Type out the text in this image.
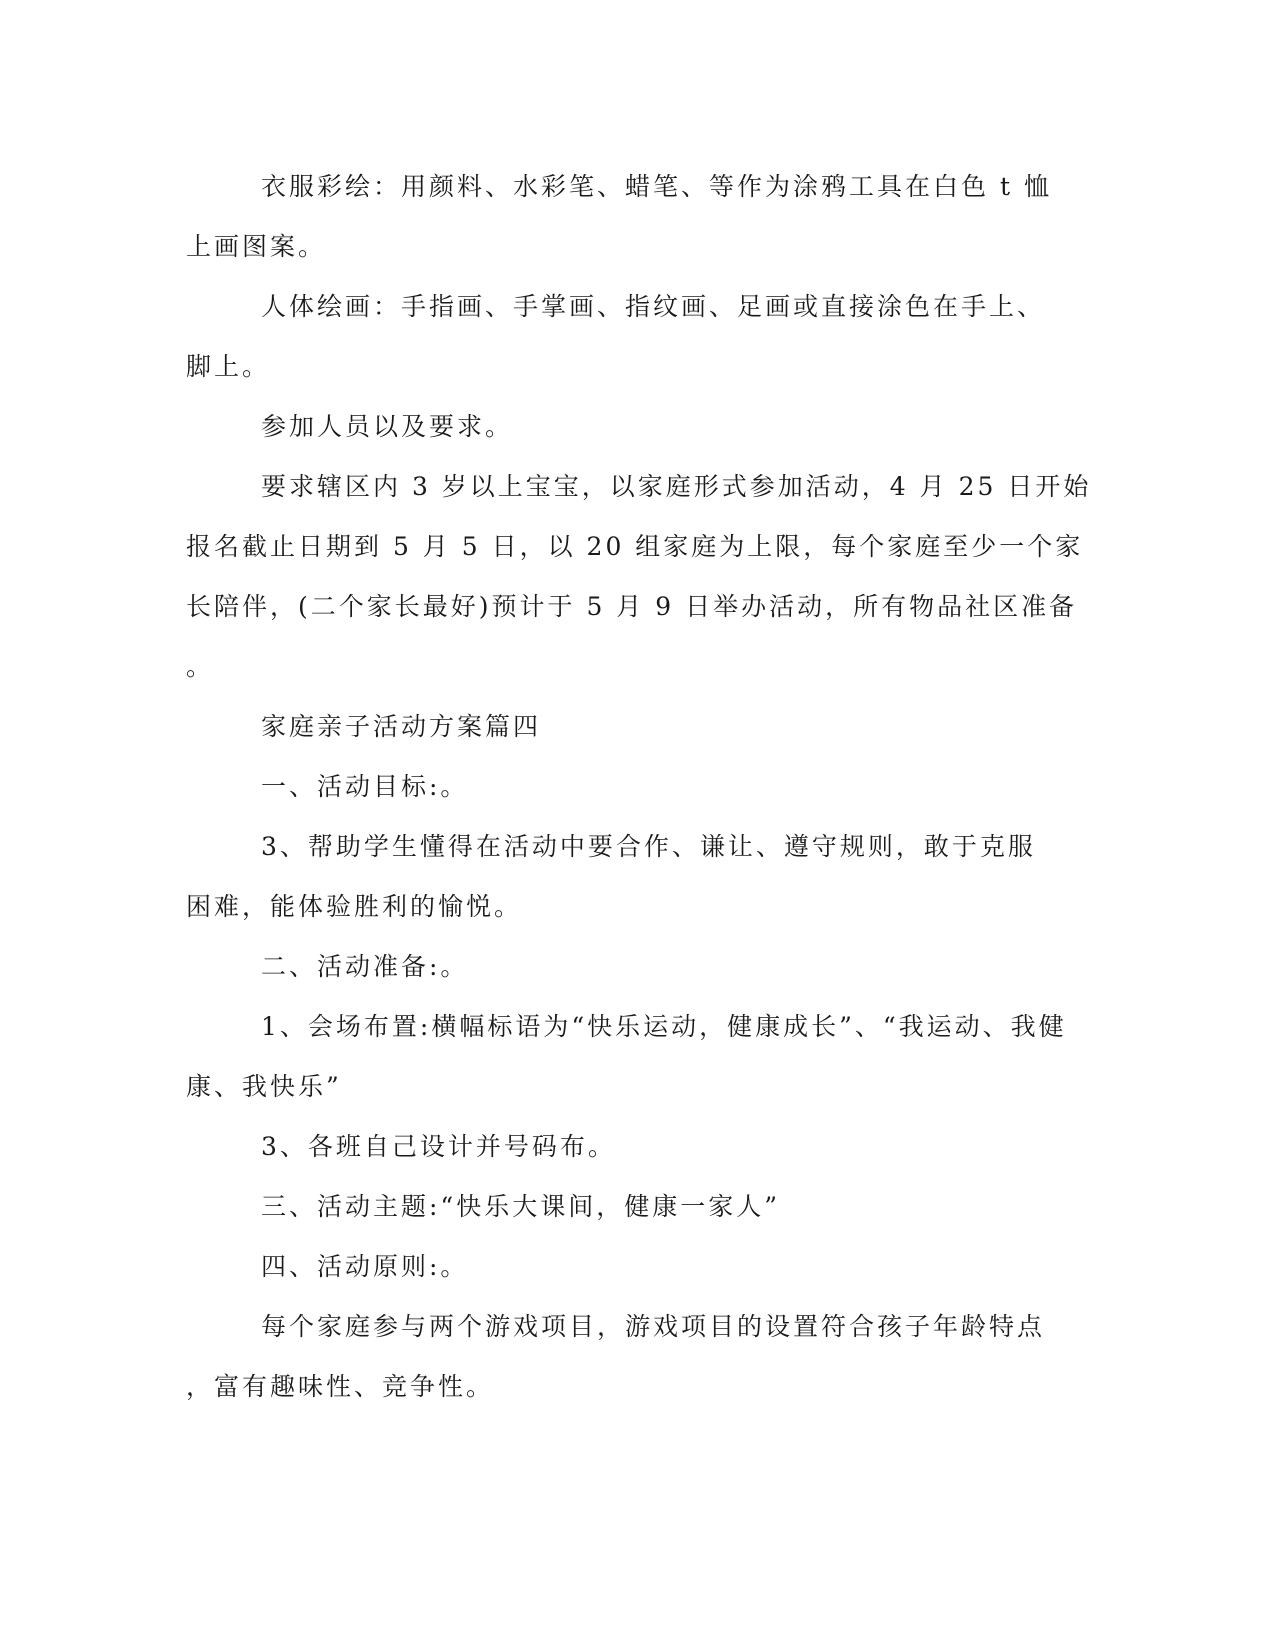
衣服彩绘：用颜料、水彩笔、蜡笔、等作为涂鸦工具在白色 t 恤
上画图案。

人体绘画：手指画、手掌画、指纹画、足画或直接涂色在手上、
脚上。

参加人员以及要求。

要求辖区内 3 岁以上宝宝，以家庭形式参加活动，4 月 25 日开始
报名截止日期到 5 月 5 日，以 20 组家庭为上限，每个家庭至少一个家
长陪伴，(二个家长最好)预计于 5 月 9 日举办活动，所有物品社区准备
。

家庭亲子活动方案篇四

一、活动目标:。

3、帮助学生懂得在活动中要合作、谦让、遵守规则，敢于克服
困难，能体验胜利的愉悦。

二、活动准备:。

1、会场布置:横幅标语为“快乐运动，健康成长”、“我运动、我健
康、我快乐”

3、各班自己设计并号码布。

三、活动主题:“快乐大课间，健康一家人”

四、活动原则:。

每个家庭参与两个游戏项目，游戏项目的设置符合孩子年龄特点
，富有趣味性、竞争性。
